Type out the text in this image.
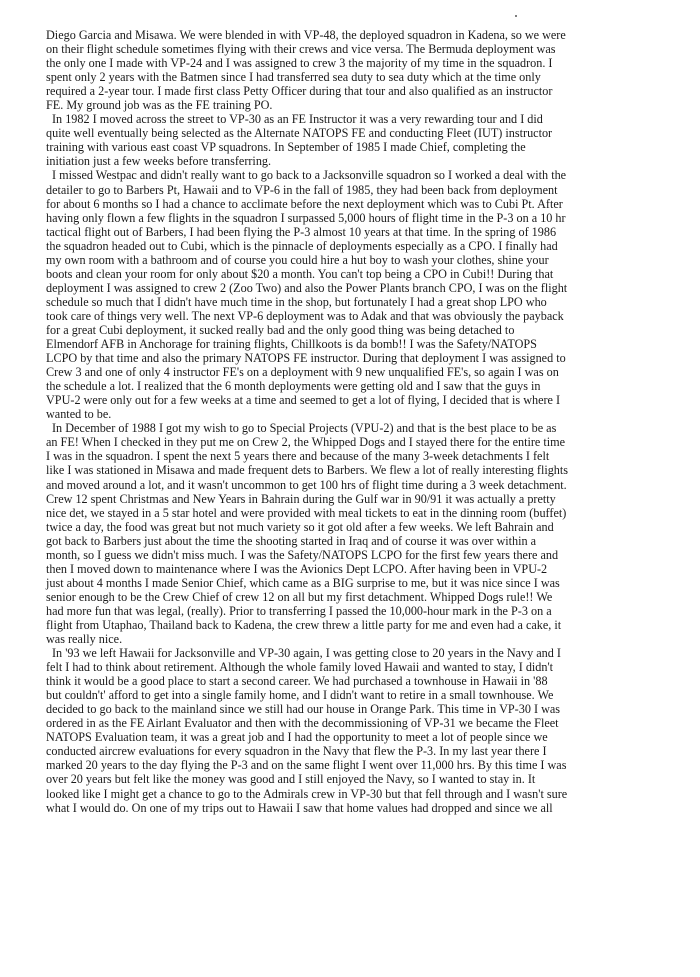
Diego Garcia and Misawa. We were blended in with VP-48, the deployed squadron in Kadena, so we were
on their flight schedule sometimes flying with their crews and vice versa. The Bermuda deployment was
the only one I made with VP-24 and I was assigned to crew 3 the majority of my time in the squadron. I
spent only 2 years with the Batmen since I had transferred sea duty to sea duty which at the time only
required a 2-year tour. I made first class Petty Officer during that tour and also qualified as an instructor
FE. My ground job was as the FE training PO.
In 1982 I moved across the street to VP-30 as an FE Instructor it was a very rewarding tour and I did
quite well eventually being selected as the Alternate NATOPS FE and conducting Fleet (IUT) instructor
training with various east coast VP squadrons. In September of 1985 I made Chief, completing the
initiation just a few weeks before transferring.
I missed Westpac and didn't really want to go back to a Jacksonville squadron so I worked a deal with the
detailer to go to Barbers Pt, Hawaii and to VP-6 in the fall of 1985, they had been back from deployment
for about 6 months so I had a chance to acclimate before the next deployment which was to Cubi Pt. After
having only flown a few flights in the squadron I surpassed 5,000 hours of flight time in the P-3 on a 10 hr
tactical flight out of Barbers, I had been flying the P-3 almost 10 years at that time. In the spring of 1986
the squadron headed out to Cubi, which is the pinnacle of deployments especially as a CPO. I finally had
my own room with a bathroom and of course you could hire a hut boy to wash your clothes, shine your
boots and clean your room for only about $20 a month. You can't top being a CPO in Cubi!! During that
deployment I was assigned to crew 2 (Zoo Two) and also the Power Plants branch CPO, I was on the flight
schedule so much that I didn't have much time in the shop, but fortunately I had a great shop LPO who
took care of things very well. The next VP-6 deployment was to Adak and that was obviously the payback
for a great Cubi deployment, it sucked really bad and the only good thing was being detached to
Elmendorf AFB in Anchorage for training flights, Chillkoots is da bomb!! I was the Safety/NATOPS
LCPO by that time and also the primary NATOPS FE instructor. During that deployment I was assigned to
Crew 3 and one of only 4 instructor FE's on a deployment with 9 new unqualified FE's, so again I was on
the schedule a lot. I realized that the 6 month deployments were getting old and I saw that the guys in
VPU-2 were only out for a few weeks at a time and seemed to get a lot of flying, I decided that is where I
wanted to be.
In December of 1988 I got my wish to go to Special Projects (VPU-2) and that is the best place to be as
an FE! When I checked in they put me on Crew 2, the Whipped Dogs and I stayed there for the entire time
I was in the squadron. I spent the next 5 years there and because of the many 3-week detachments I felt
like I was stationed in Misawa and made frequent dets to Barbers. We flew a lot of really interesting flights
and moved around a lot, and it wasn't uncommon to get 100 hrs of flight time during a 3 week detachment.
Crew 12 spent Christmas and New Years in Bahrain during the Gulf war in 90/91 it was actually a pretty
nice det, we stayed in a 5 star hotel and were provided with meal tickets to eat in the dinning room (buffet)
twice a day, the food was great but not much variety so it got old after a few weeks. We left Bahrain and
got back to Barbers just about the time the shooting started in Iraq and of course it was over within a
month, so I guess we didn't miss much. I was the Safety/NATOPS LCPO for the first few years there and
then I moved down to maintenance where I was the Avionics Dept LCPO. After having been in VPU-2
just about 4 months I made Senior Chief, which came as a BIG surprise to me, but it was nice since I was
senior enough to be the Crew Chief of crew 12 on all but my first detachment. Whipped Dogs rule!! We
had more fun that was legal, (really). Prior to transferring I passed the 10,000-hour mark in the P-3 on a
flight from Utaphao, Thailand back to Kadena, the crew threw a little party for me and even had a cake, it
was really nice.
In '93 we left Hawaii for Jacksonville and VP-30 again, I was getting close to 20 years in the Navy and I
felt I had to think about retirement. Although the whole family loved Hawaii and wanted to stay, I didn't
think it would be a good place to start a second career. We had purchased a townhouse in Hawaii in '88
but couldn't' afford to get into a single family home, and I didn't want to retire in a small townhouse. We
decided to go back to the mainland since we still had our house in Orange Park. This time in VP-30 I was
ordered in as the FE Airlant Evaluator and then with the decommissioning of VP-31 we became the Fleet
NATOPS Evaluation team, it was a great job and I had the opportunity to meet a lot of people since we
conducted aircrew evaluations for every squadron in the Navy that flew the P-3. In my last year there I
marked 20 years to the day flying the P-3 and on the same flight I went over 11,000 hrs. By this time I was
over 20 years but felt like the money was good and I still enjoyed the Navy, so I wanted to stay in. It
looked like I might get a chance to go to the Admirals crew in VP-30 but that fell through and I wasn't sure
what I would do. On one of my trips out to Hawaii I saw that home values had dropped and since we all
